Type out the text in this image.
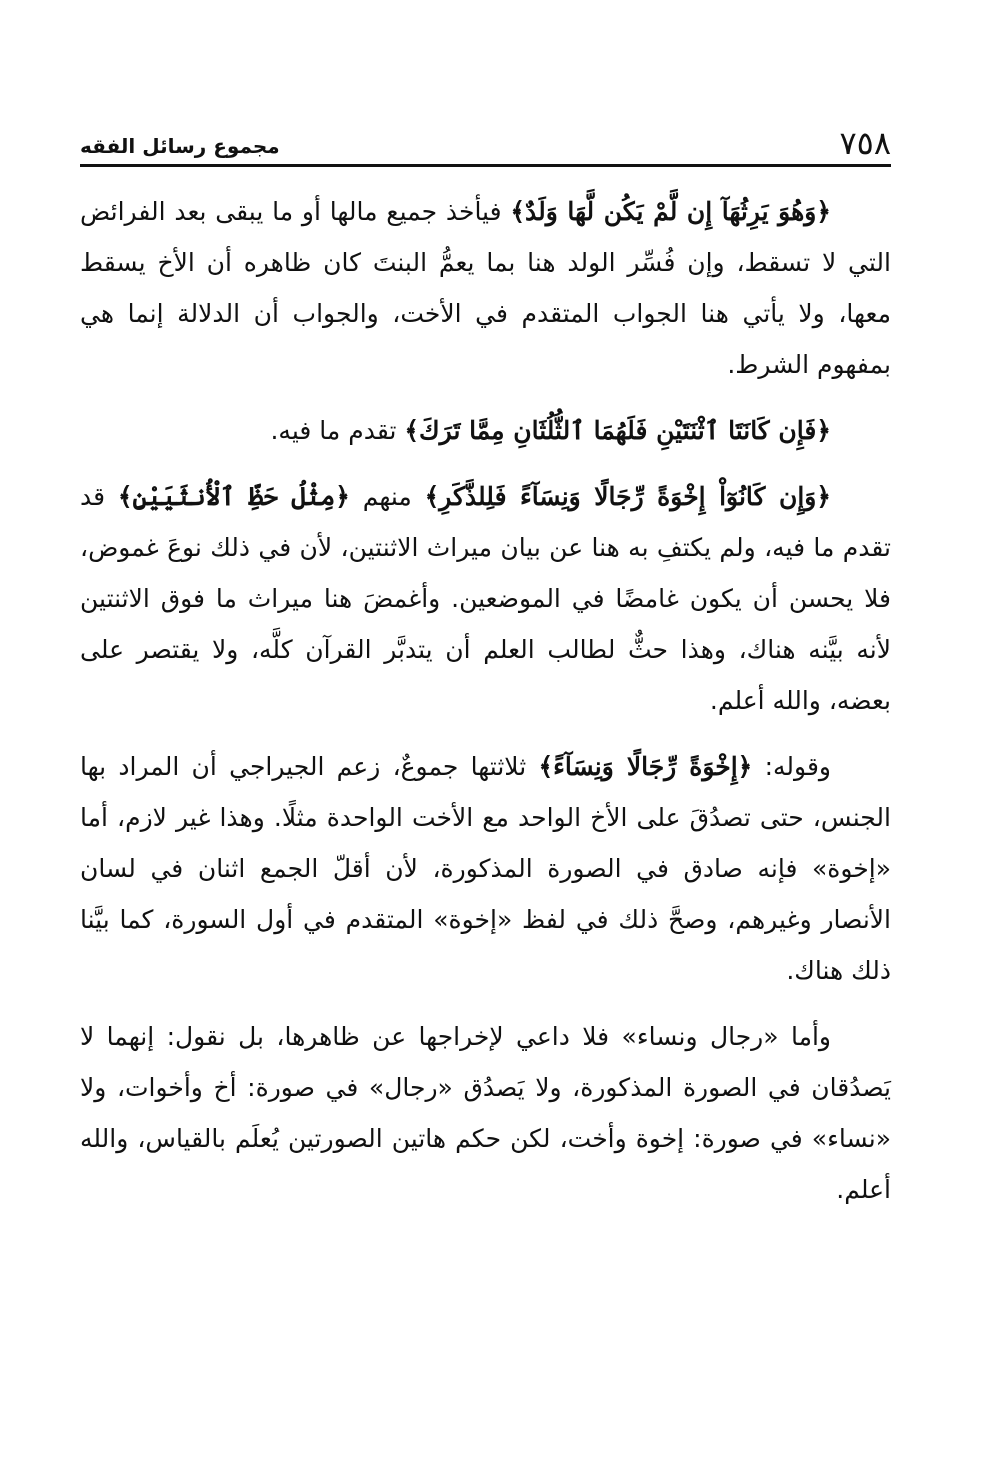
٧٥٨
مجموع رسائل الفقه

﴿وَهُوَ يَرِثُهَآ إِن لَّمْ يَكُن لَّهَا وَلَدٌ﴾ فيأخذ جميع مالها أو ما يبقى بعد الفرائض التي لا تسقط، وإن فُسِّر الولد هنا بما يعمُّ البنتَ كان ظاهره أن الأخ يسقط معها، ولا يأتي هنا الجواب المتقدم في الأخت، والجواب أن الدلالة إنما هي بمفهوم الشرط.

﴿فَإِن كَانَتَا ٱثْنَتَيْنِ فَلَهُمَا ٱلثُّلُثَانِ مِمَّا تَرَكَ﴾ تقدم ما فيه.

﴿وَإِن كَانُوٓاْ إِخْوَةً رِّجَالًا وَنِسَآءً فَلِلذَّكَرِ﴾ منهم ﴿مِثْلُ حَظِّ ٱلْأُنثَيَيْنِ﴾ قد تقدم ما فيه، ولم يكتفِ به هنا عن بيان ميراث الاثنتين، لأن في ذلك نوعَ غموض، فلا يحسن أن يكون غامضًا في الموضعين. وأغمضَ هنا ميراث ما فوق الاثنتين لأنه بيَّنه هناك، وهذا حثٌّ لطالب العلم أن يتدبَّر القرآن كلَّه، ولا يقتصر على بعضه، والله أعلم.

وقوله: ﴿إِخْوَةً رِّجَالًا وَنِسَآءً﴾ ثلاثتها جموعٌ، زعم الجيراجي أن المراد بها الجنس، حتى تصدُقَ على الأخ الواحد مع الأخت الواحدة مثلًا. وهذا غير لازم، أما «إخوة» فإنه صادق في الصورة المذكورة، لأن أقلّ الجمع اثنان في لسان الأنصار وغيرهم، وصحَّ ذلك في لفظ «إخوة» المتقدم في أول السورة، كما بيَّنا ذلك هناك.

وأما «رجال ونساء» فلا داعي لإخراجها عن ظاهرها، بل نقول: إنهما لا يَصدُقان في الصورة المذكورة، ولا يَصدُق «رجال» في صورة: أخ وأخوات، ولا «نساء» في صورة: إخوة وأخت، لكن حكم هاتين الصورتين يُعلَم بالقياس، والله أعلم.
